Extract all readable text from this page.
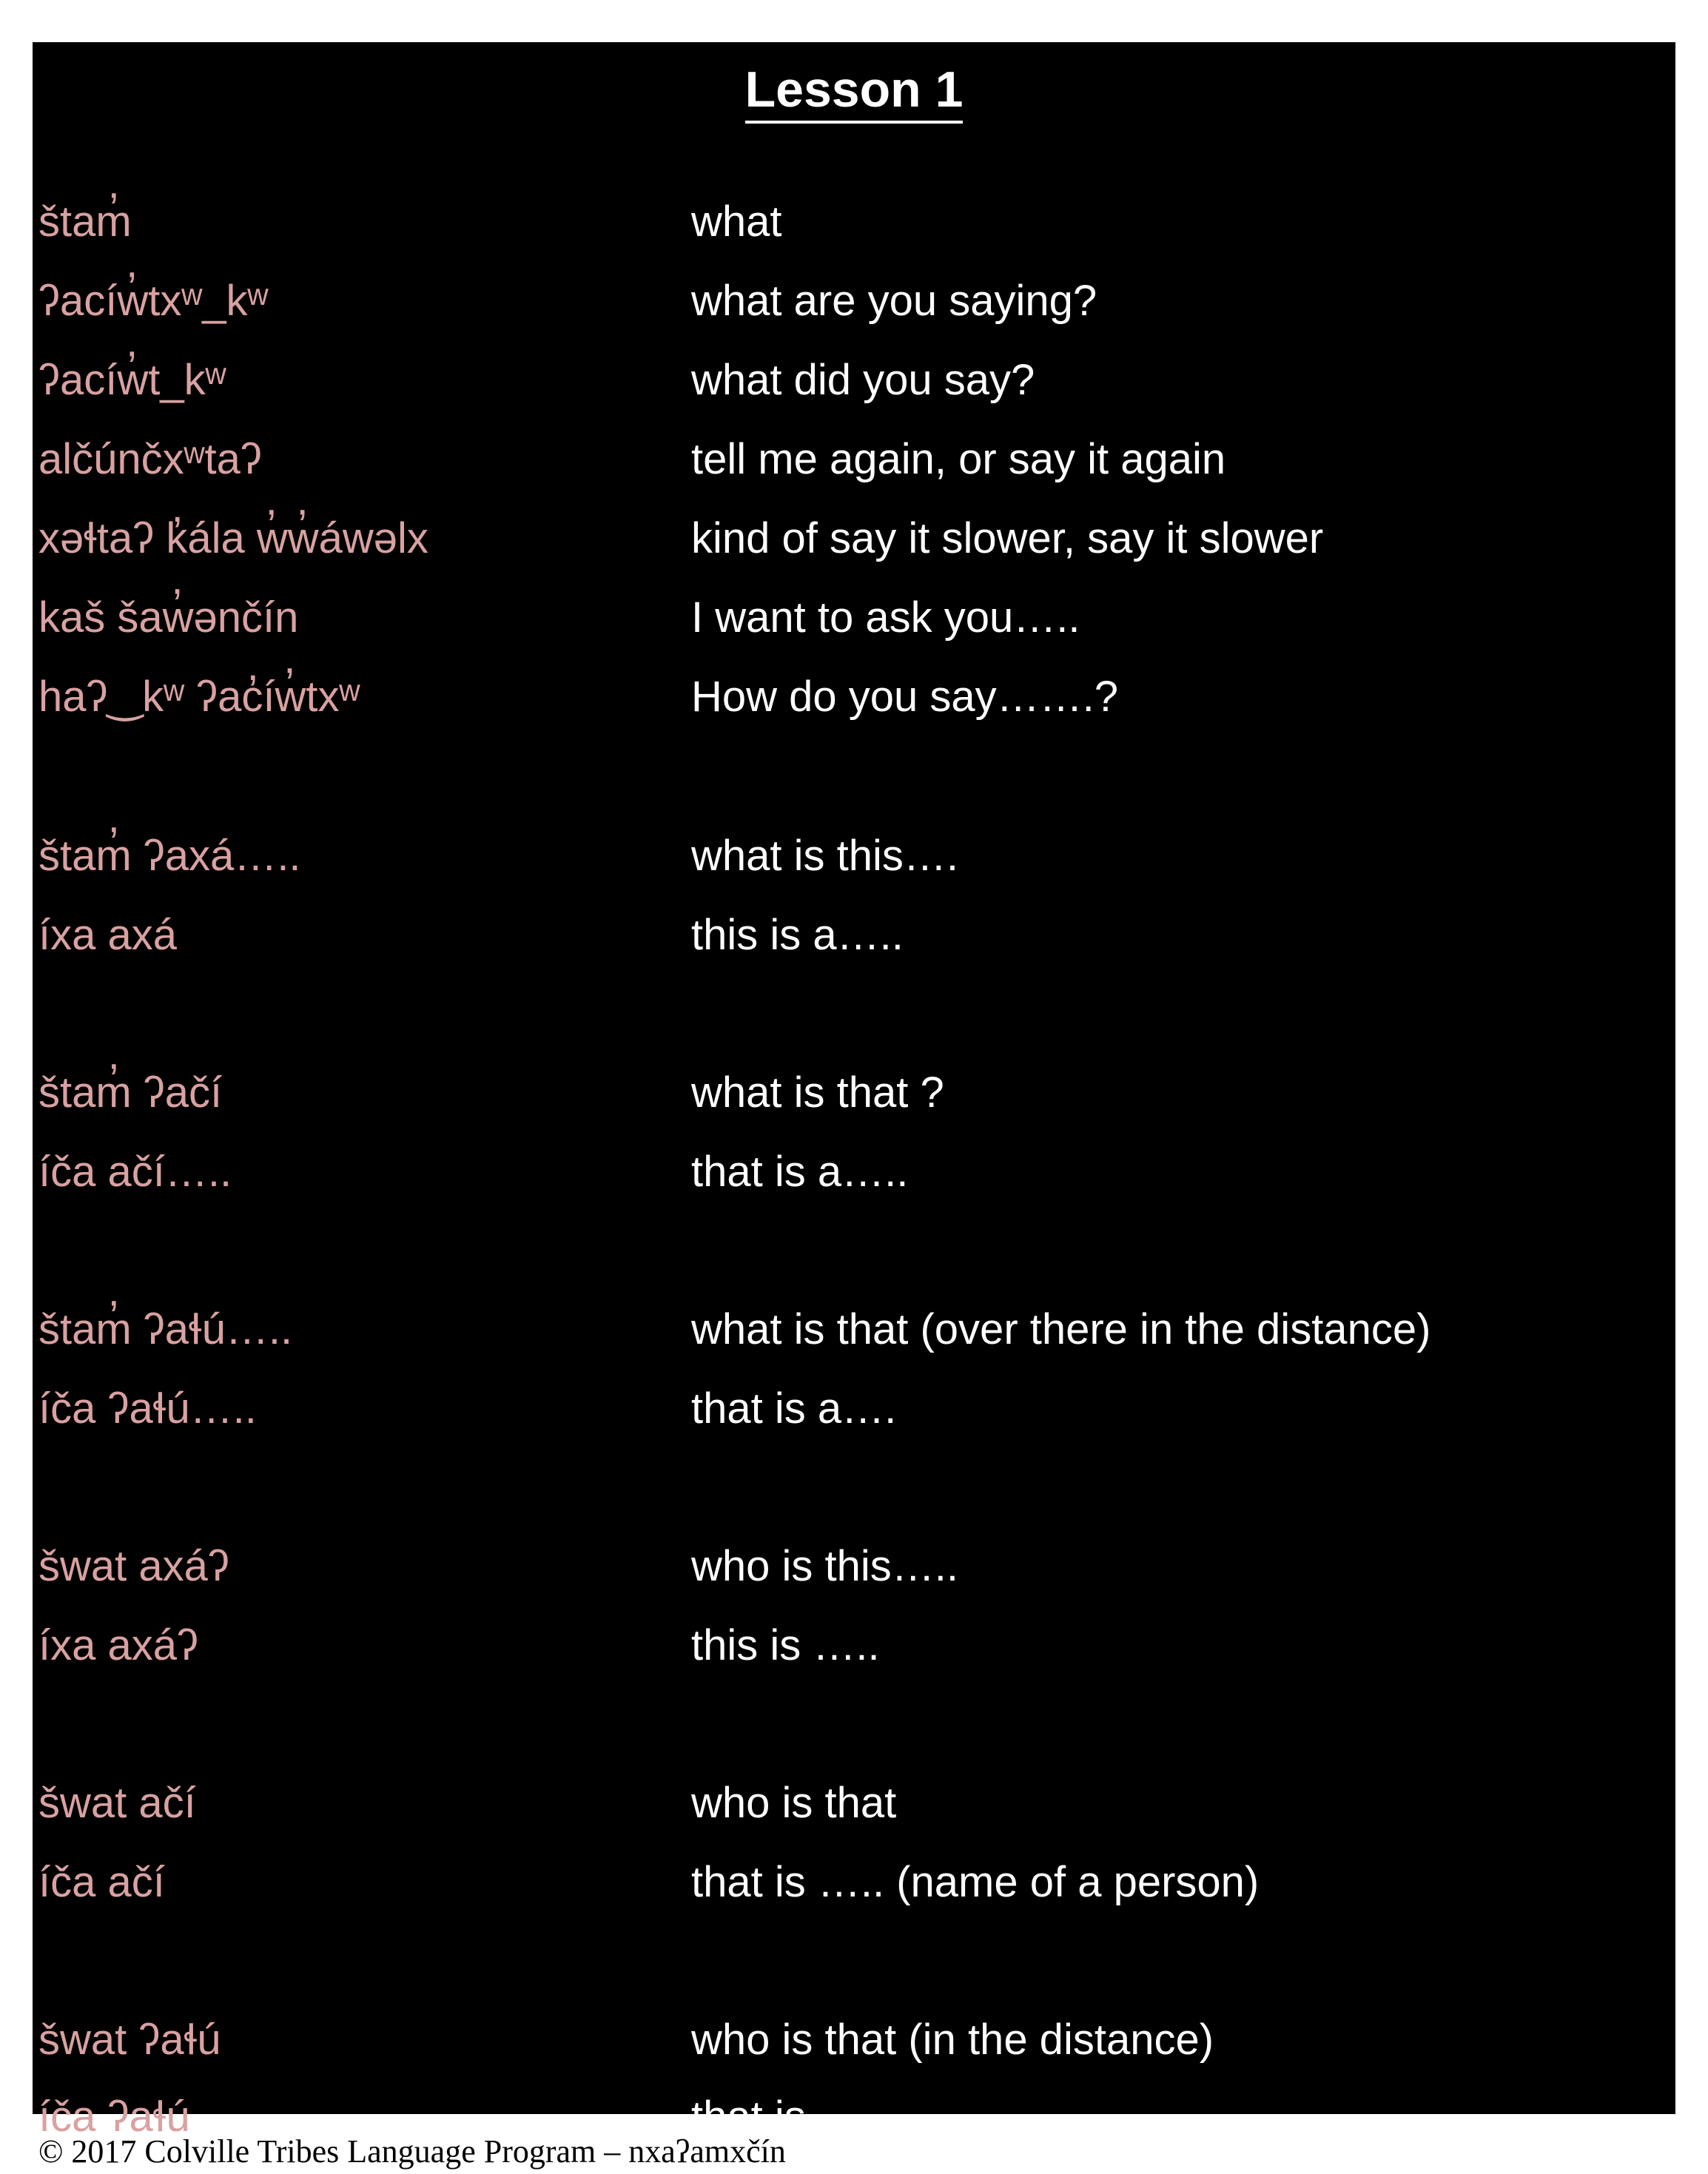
Lesson 1
štam̓	what
ʔacíw̓txʷ_kʷ	what are you saying?
ʔacíw̓t_kʷ	what did you say?
alčúnčxʷtaʔ	tell me again, or say it again
xəɬtaʔ k̓ála w̓w̓áwəlx	kind of say it slower, say it slower
kaš šaw̓ənčín	I want to ask you…..
haʔ‿kʷ ʔac̓íw̓txʷ	How do you say…….?
štam̓ ʔaxá…..	what is this….
íxa axá	this is a…..
štam̓ ʔačí	what is that ?
íča ačí…..	that is a…..
štam̓ ʔaɬú…..	what is that (over there in the distance)
íča ʔaɬú…..	that is a….
šwat axáʔ	who is this…..
íxa axáʔ	this is …..
šwat ačí	who is that
íča ačí	that is ….. (name of a person)
šwat ʔaɬú	who is that (in the distance)
íča ʔaɬú	that is…..
© 2017 Colville Tribes Language Program – nxaʔamxčín
